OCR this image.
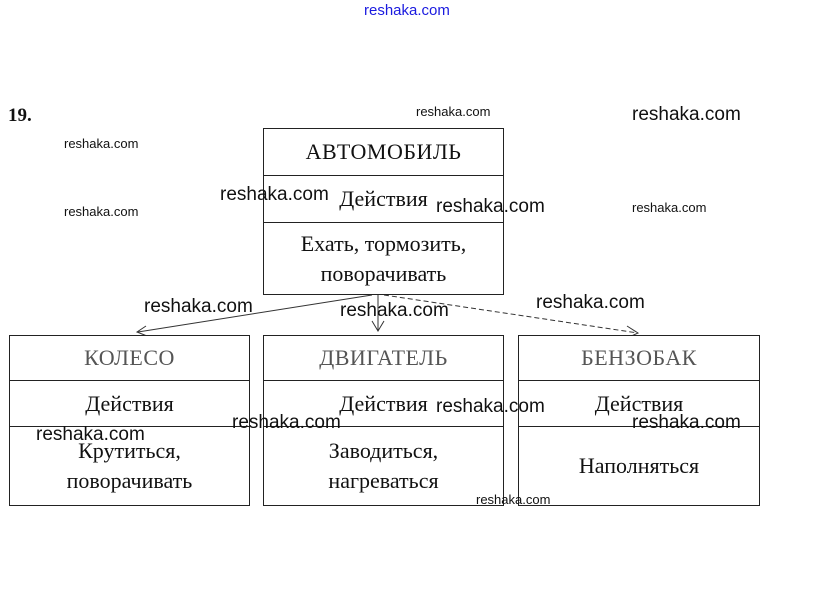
reshaka.com
reshaka.com	reshaka.com
reshaka.com
reshaka.com	reshaka.com
19.
АВТОМОБИЛЬ
Действия
Ехать, тормозить, поворачивать
КОЛЕСО
Действия
Крутиться, поворачивать
ДВИГАТЕЛЬ
Действия
Заводиться, нагреваться
БЕНЗОБАК
Действия
Наполняться
reshaka.com
reshaka.com
reshaka.com	reshaka.com	reshaka.com
reshaka.com
reshaka.com	reshaka.com
reshaka.com
reshaka.com
